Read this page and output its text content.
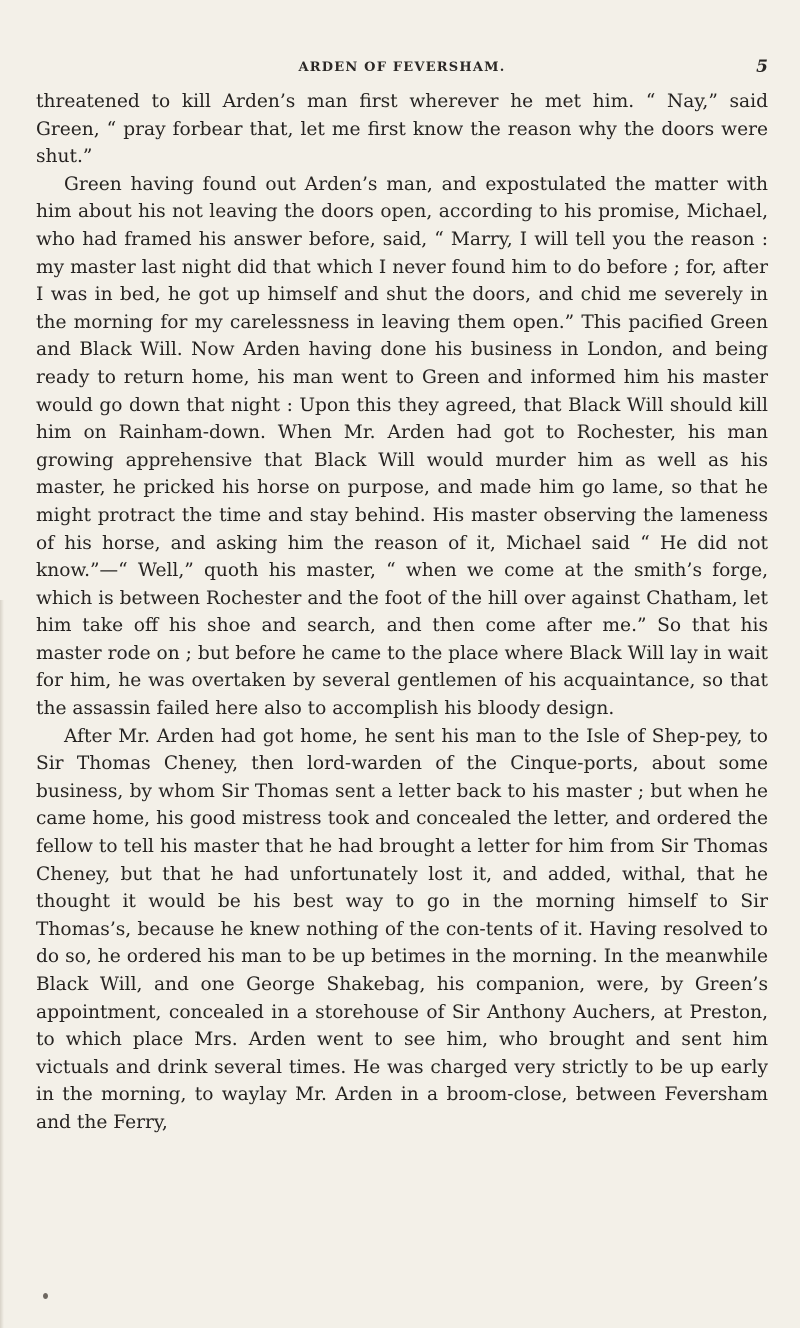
ARDEN OF FEVERSHAM.	5

threatened to kill Arden’s man first wherever he met him. “ Nay,” said Green, “ pray forbear that, let me first know the reason why the doors were shut.”

Green having found out Arden’s man, and expostulated the matter with him about his not leaving the doors open, according to his promise, Michael, who had framed his answer before, said, “ Marry, I will tell you the reason : my master last night did that which I never found him to do before ; for, after I was in bed, he got up himself and shut the doors, and chid me severely in the morning for my carelessness in leaving them open.” This pacified Green and Black Will. Now Arden having done his business in London, and being ready to return home, his man went to Green and informed him his master would go down that night : Upon this they agreed, that Black Will should kill him on Rainham-down. When Mr. Arden had got to Rochester, his man growing apprehensive that Black Will would murder him as well as his master, he pricked his horse on purpose, and made him go lame, so that he might protract the time and stay behind. His master observing the lameness of his horse, and asking him the reason of it, Michael said “ He did not know.”—“ Well,” quoth his master, “ when we come at the smith’s forge, which is between Rochester and the foot of the hill over against Chatham, let him take off his shoe and search, and then come after me.” So that his master rode on ; but before he came to the place where Black Will lay in wait for him, he was overtaken by several gentlemen of his acquaintance, so that the assassin failed here also to accomplish his bloody design.

After Mr. Arden had got home, he sent his man to the Isle of Shep-pey, to Sir Thomas Cheney, then lord-warden of the Cinque-ports, about some business, by whom Sir Thomas sent a letter back to his master ; but when he came home, his good mistress took and concealed the letter, and ordered the fellow to tell his master that he had brought a letter for him from Sir Thomas Cheney, but that he had unfortunately lost it, and added, withal, that he thought it would be his best way to go in the morning himself to Sir Thomas’s, because he knew nothing of the con-tents of it. Having resolved to do so, he ordered his man to be up betimes in the morning. In the meanwhile Black Will, and one George Shakebag, his companion, were, by Green’s appointment, concealed in a storehouse of Sir Anthony Auchers, at Preston, to which place Mrs. Arden went to see him, who brought and sent him victuals and drink several times. He was charged very strictly to be up early in the morning, to waylay Mr. Arden in a broom-close, between Feversham and the Ferry,
